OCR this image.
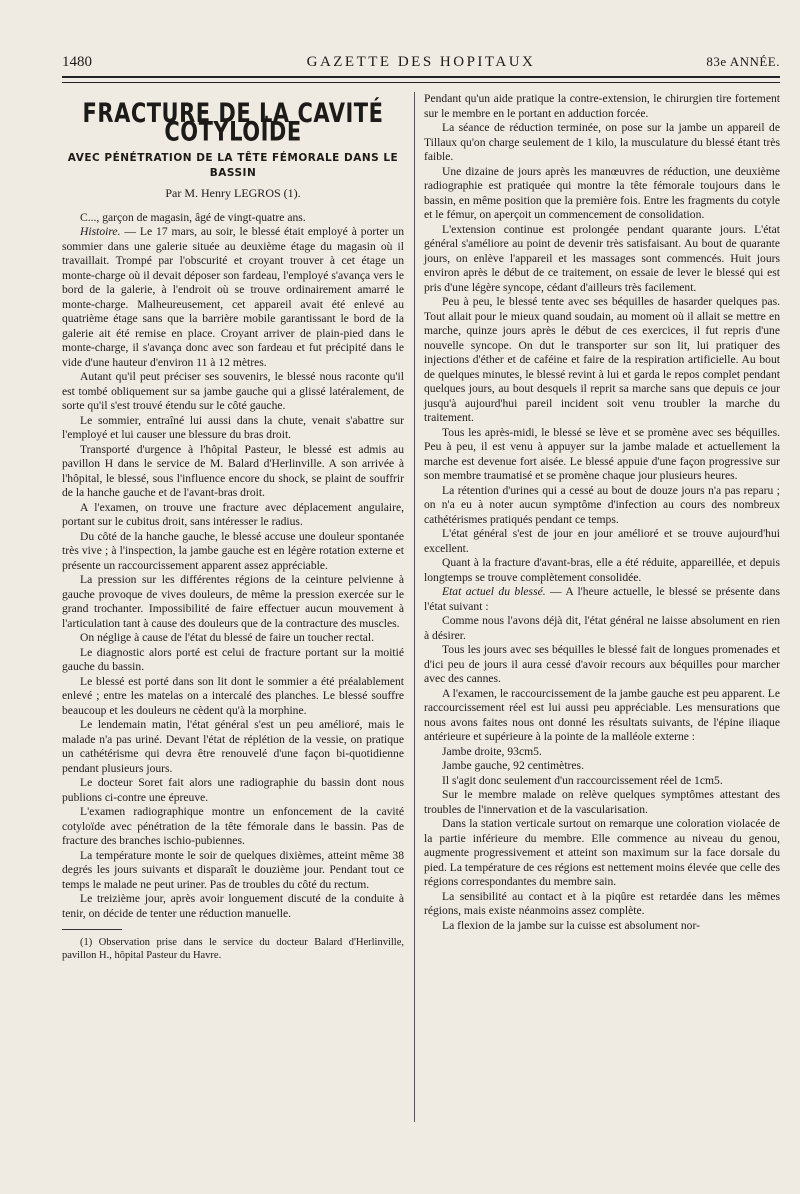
1480	GAZETTE DES HOPITAUX	83e ANNÉE.
FRACTURE DE LA CAVITÉ COTYLOÏDE
AVEC PÉNÉTRATION DE LA TÊTE FÉMORALE DANS LE BASSIN
Par M. Henry LEGROS (1).

C..., garçon de magasin, âgé de vingt-quatre ans.

Histoire. — Le 17 mars, au soir, le blessé était employé à porter un sommier dans une galerie située au deuxième étage du magasin où il travaillait. Trompé par l'obscurité et croyant trouver à cet étage un monte-charge où il devait déposer son fardeau, l'employé s'avança vers le bord de la galerie, à l'endroit où se trouve ordinairement amarré le monte-charge. Malheureusement, cet appareil avait été enlevé au quatrième étage sans que la barrière mobile garantissant le bord de la galerie ait été remise en place. Croyant arriver de plain-pied dans le monte-charge, il s'avança donc avec son fardeau et fut précipité dans le vide d'une hauteur d'environ 11 à 12 mètres.

Autant qu'il peut préciser ses souvenirs, le blessé nous raconte qu'il est tombé obliquement sur sa jambe gauche qui a glissé latéralement, de sorte qu'il s'est trouvé étendu sur le côté gauche.

Le sommier, entraîné lui aussi dans la chute, venait s'abattre sur l'employé et lui causer une blessure du bras droit.

Transporté d'urgence à l'hôpital Pasteur, le blessé est admis au pavillon H dans le service de M. Balard d'Herlinville. A son arrivée à l'hôpital, le blessé, sous l'influence encore du shock, se plaint de souffrir de la hanche gauche et de l'avant-bras droit.

A l'examen, on trouve une fracture avec déplacement angulaire, portant sur le cubitus droit, sans intéresser le radius.

Du côté de la hanche gauche, le blessé accuse une douleur spontanée très vive ; à l'inspection, la jambe gauche est en légère rotation externe et présente un raccourcissement apparent assez appréciable.

La pression sur les différentes régions de la ceinture pelvienne à gauche provoque de vives douleurs, de même la pression exercée sur le grand trochanter. Impossibilité de faire effectuer aucun mouvement à l'articulation tant à cause des douleurs que de la contracture des muscles.

On néglige à cause de l'état du blessé de faire un toucher rectal.

Le diagnostic alors porté est celui de fracture portant sur la moitié gauche du bassin.

Le blessé est porté dans son lit dont le sommier a été préalablement enlevé ; entre les matelas on a intercalé des planches. Le blessé souffre beaucoup et les douleurs ne cèdent qu'à la morphine.

Le lendemain matin, l'état général s'est un peu amélioré, mais le malade n'a pas uriné. Devant l'état de réplétion de la vessie, on pratique un cathétérisme qui devra être renouvelé d'une façon bi-quotidienne pendant plusieurs jours.

Le docteur Soret fait alors une radiographie du bassin dont nous publions ci-contre une épreuve.

L'examen radiographique montre un enfoncement de la cavité cotyloïde avec pénétration de la tête fémorale dans le bassin. Pas de fracture des branches ischio-pubiennes.

La température monte le soir de quelques dixièmes, atteint même 38 degrés les jours suivants et disparaît le douzième jour. Pendant tout ce temps le malade ne peut uriner. Pas de troubles du côté du rectum.

Le treizième jour, après avoir longuement discuté de la conduite à tenir, on décide de tenter une réduction manuelle.

(1) Observation prise dans le service du docteur Balard d'Herlinville, pavillon H., hôpital Pasteur du Havre.

Pendant qu'un aide pratique la contre-extension, le chirurgien tire fortement sur le membre en le portant en adduction forcée.

La séance de réduction terminée, on pose sur la jambe un appareil de Tillaux qu'on charge seulement de 1 kilo, la musculature du blessé étant très faible.

Une dizaine de jours après les manœuvres de réduction, une deuxième radiographie est pratiquée qui montre la tête fémorale toujours dans le bassin, en même position que la première fois. Entre les fragments du cotyle et le fémur, on aperçoit un commencement de consolidation.

L'extension continue est prolongée pendant quarante jours. L'état général s'améliore au point de devenir très satisfaisant. Au bout de quarante jours, on enlève l'appareil et les massages sont commencés. Huit jours environ après le début de ce traitement, on essaie de lever le blessé qui est pris d'une légère syncope, cédant d'ailleurs très facilement.

Peu à peu, le blessé tente avec ses béquilles de hasarder quelques pas. Tout allait pour le mieux quand soudain, au moment où il allait se mettre en marche, quinze jours après le début de ces exercices, il fut repris d'une nouvelle syncope. On dut le transporter sur son lit, lui pratiquer des injections d'éther et de caféine et faire de la respiration artificielle. Au bout de quelques minutes, le blessé revint à lui et garda le repos complet pendant quelques jours, au bout desquels il reprit sa marche sans que depuis ce jour jusqu'à aujourd'hui pareil incident soit venu troubler la marche du traitement.

Tous les après-midi, le blessé se lève et se promène avec ses béquilles. Peu à peu, il est venu à appuyer sur la jambe malade et actuellement la marche est devenue fort aisée. Le blessé appuie d'une façon progressive sur son membre traumatisé et se promène chaque jour plusieurs heures.

La rétention d'urines qui a cessé au bout de douze jours n'a pas reparu ; on n'a eu à noter aucun symptôme d'infection au cours des nombreux cathétérismes pratiqués pendant ce temps.

L'état général s'est de jour en jour amélioré et se trouve aujourd'hui excellent.

Quant à la fracture d'avant-bras, elle a été réduite, appareillée, et depuis longtemps se trouve complètement consolidée.

Etat actuel du blessé. — A l'heure actuelle, le blessé se présente dans l'état suivant :

Comme nous l'avons déjà dit, l'état général ne laisse absolument en rien à désirer.

Tous les jours avec ses béquilles le blessé fait de longues promenades et d'ici peu de jours il aura cessé d'avoir recours aux béquilles pour marcher avec des cannes.

A l'examen, le raccourcissement de la jambe gauche est peu apparent. Le raccourcissement réel est lui aussi peu appréciable. Les mensurations que nous avons faites nous ont donné les résultats suivants, de l'épine iliaque antérieure et supérieure à la pointe de la malléole externe :

Jambe droite, 93cm5.

Jambe gauche, 92 centimètres.

Il s'agit donc seulement d'un raccourcissement réel de 1cm5.

Sur le membre malade on relève quelques symptômes attestant des troubles de l'innervation et de la vascularisation.

Dans la station verticale surtout on remarque une coloration violacée de la partie inférieure du membre. Elle commence au niveau du genou, augmente progressivement et atteint son maximum sur la face dorsale du pied. La température de ces régions est nettement moins élevée que celle des régions correspondantes du membre sain.

La sensibilité au contact et à la piqûre est retardée dans les mêmes régions, mais existe néanmoins assez complète.

La flexion de la jambe sur la cuisse est absolument nor-
